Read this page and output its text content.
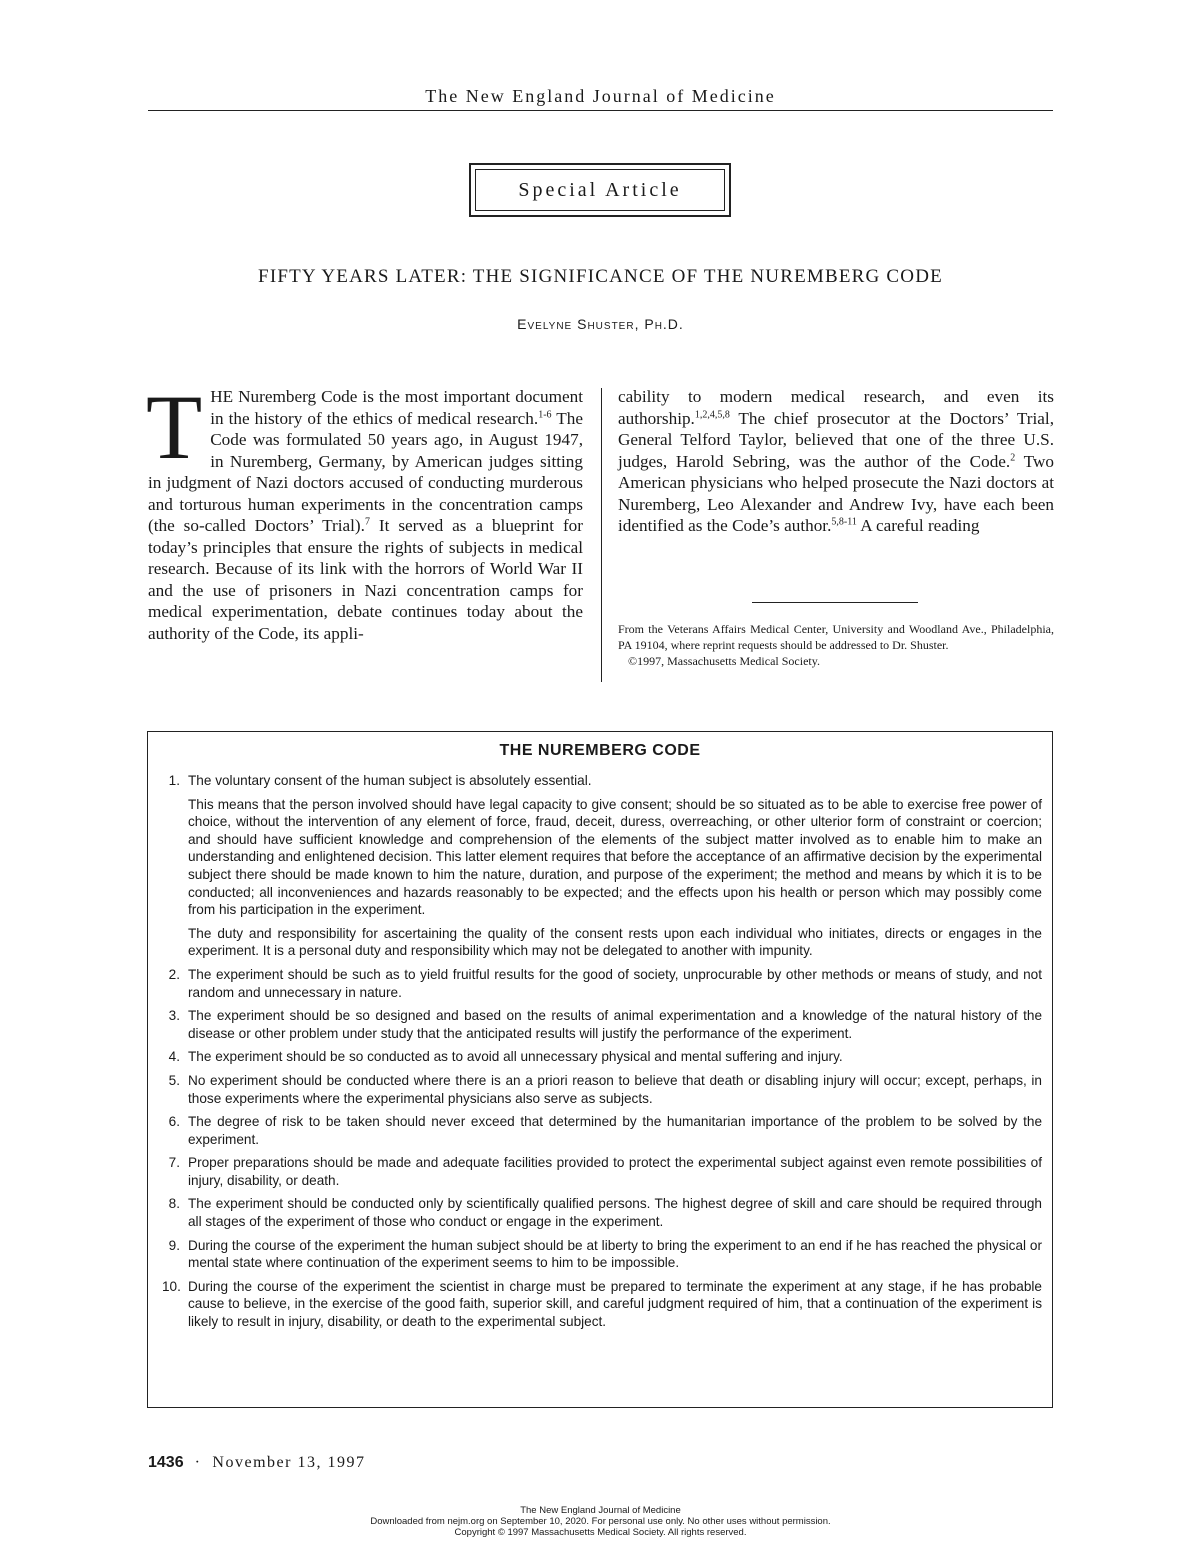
The New England Journal of Medicine
Special Article
FIFTY YEARS LATER: THE SIGNIFICANCE OF THE NUREMBERG CODE
Evelyne Shuster, Ph.D.
THE Nuremberg Code is the most important document in the history of the ethics of medical research.$^{1-6}$ The Code was formulated 50 years ago, in August 1947, in Nuremberg, Germany, by American judges sitting in judgment of Nazi doctors accused of conducting murderous and torturous human experiments in the concentration camps (the so-called Doctors’ Trial).$^7$ It served as a blueprint for today’s principles that ensure the rights of subjects in medical research. Because of its link with the horrors of World War II and the use of prisoners in Nazi concentration camps for medical experimentation, debate continues today about the authority of the Code, its appli-
cability to modern medical research, and even its authorship.$^{1,2,4,5,8}$ The chief prosecutor at the Doctors’ Trial, General Telford Taylor, believed that one of the three U.S. judges, Harold Sebring, was the author of the Code.$^2$ Two American physicians who helped prosecute the Nazi doctors at Nuremberg, Leo Alexander and Andrew Ivy, have each been identified as the Code’s author.$^{5,8-11}$ A careful reading

From the Veterans Affairs Medical Center, University and Woodland Ave., Philadelphia, PA 19104, where reprint requests should be addressed to Dr. Shuster.

©1997, Massachusetts Medical Society.

THE NUREMBERG CODE
1. The voluntary consent of the human subject is absolutely essential.

This means that the person involved should have legal capacity to give consent; should be so situated as to be able to exercise free power of choice, without the intervention of any element of force, fraud, deceit, duress, overreaching, or other ulterior form of constraint or coercion; and should have sufficient knowledge and comprehension of the elements of the subject matter involved as to enable him to make an understanding and enlightened decision. This latter element requires that before the acceptance of an affirmative decision by the experimental subject there should be made known to him the nature, duration, and purpose of the experiment; the method and means by which it is to be conducted; all inconveniences and hazards reasonably to be expected; and the effects upon his health or person which may possibly come from his participation in the experiment.

The duty and responsibility for ascertaining the quality of the consent rests upon each individual who initiates, directs or engages in the experiment. It is a personal duty and responsibility which may not be delegated to another with impunity.

2. The experiment should be such as to yield fruitful results for the good of society, unprocurable by other methods or means of study, and not random and unnecessary in nature.

3. The experiment should be so designed and based on the results of animal experimentation and a knowledge of the natural history of the disease or other problem under study that the anticipated results will justify the performance of the experiment.

4. The experiment should be so conducted as to avoid all unnecessary physical and mental suffering and injury.

5. No experiment should be conducted where there is an a priori reason to believe that death or disabling injury will occur; except, perhaps, in those experiments where the experimental physicians also serve as subjects.

6. The degree of risk to be taken should never exceed that determined by the humanitarian importance of the problem to be solved by the experiment.

7. Proper preparations should be made and adequate facilities provided to protect the experimental subject against even remote possibilities of injury, disability, or death.

8. The experiment should be conducted only by scientifically qualified persons. The highest degree of skill and care should be required through all stages of the experiment of those who conduct or engage in the experiment.

9. During the course of the experiment the human subject should be at liberty to bring the experiment to an end if he has reached the physical or mental state where continuation of the experiment seems to him to be impossible.

10. During the course of the experiment the scientist in charge must be prepared to terminate the experiment at any stage, if he has probable cause to believe, in the exercise of the good faith, superior skill, and careful judgment required of him, that a continuation of the experiment is likely to result in injury, disability, or death to the experimental subject.

1436 · November 13, 1997
The New England Journal of Medicine
Downloaded from nejm.org on September 10, 2020. For personal use only. No other uses without permission.
Copyright © 1997 Massachusetts Medical Society. All rights reserved.
